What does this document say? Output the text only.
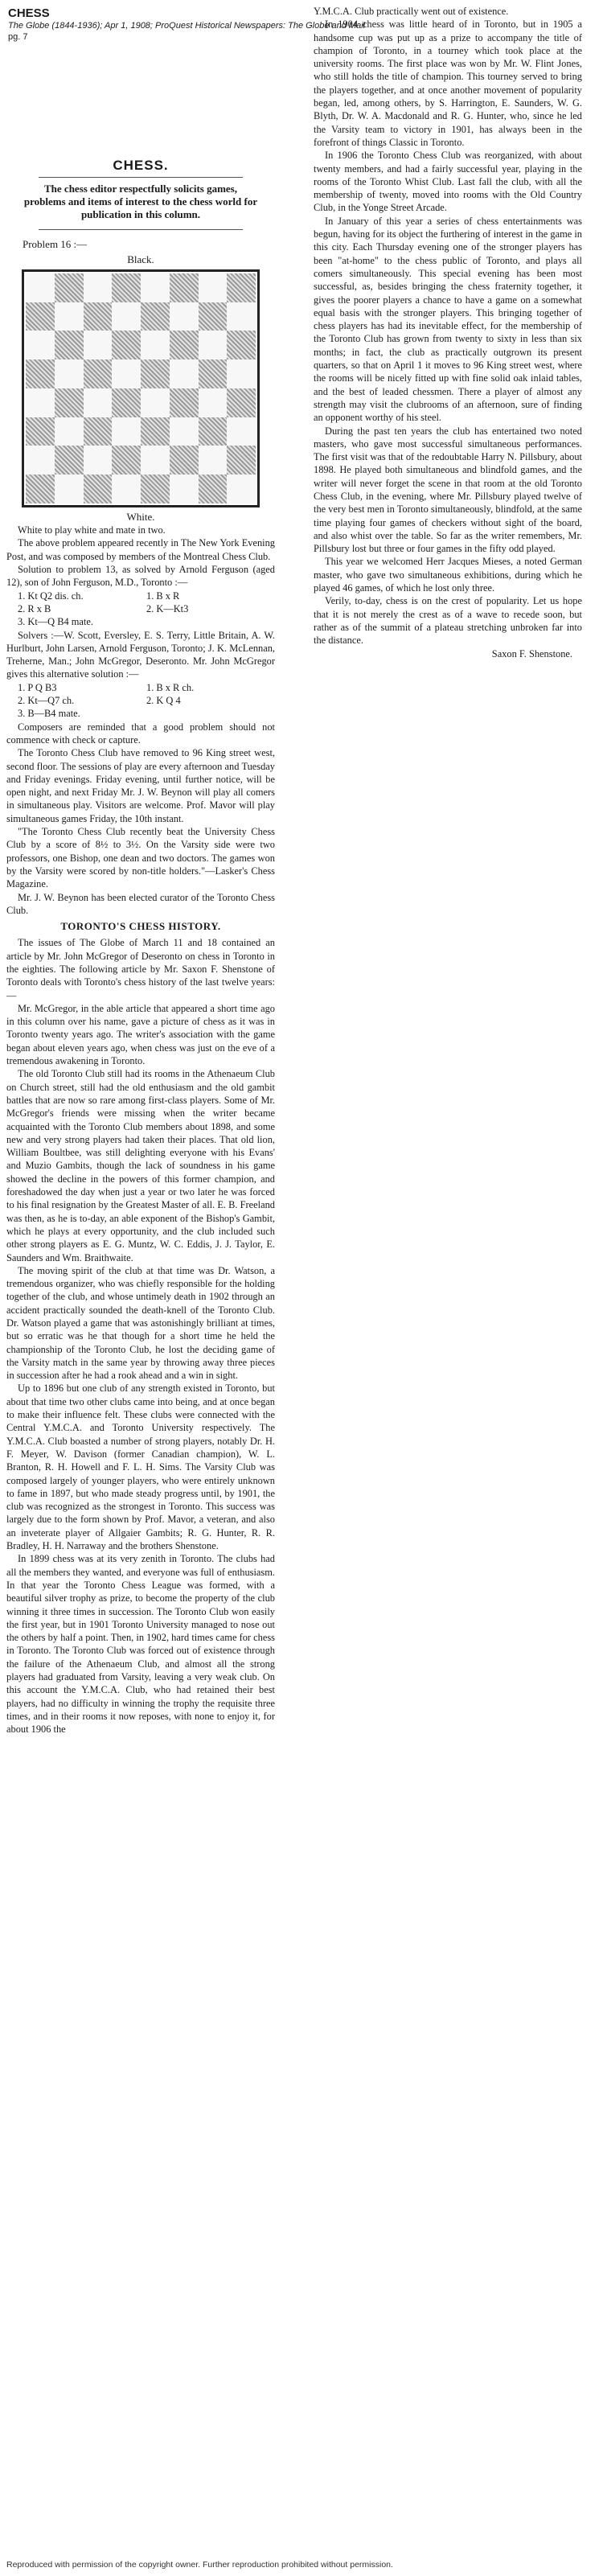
CHESS
The Globe (1844-1936); Apr 1, 1908; ProQuest Historical Newspapers: The Globe and Mail
pg. 7
CHESS.
The chess editor respectfully solicits games, problems and items of interest to the chess world for publication in this column.
Problem 16 :—
Black.
White.

White to play white and mate in two.

The above problem appeared recently in The New York Evening Post, and was composed by members of the Montreal Chess Club.

Solution to problem 13, as solved by Arnold Ferguson (aged 12), son of John Ferguson, M.D., Toronto :—

1. Kt Q2 dis. ch.	1. B x R
2. R x B	2. K—Kt3
3. Kt—Q B4 mate.

Solvers :—W. Scott, Eversley, E. S. Terry, Little Britain, A. W. Hurlburt, John Larsen, Arnold Ferguson, Toronto; J. K. McLennan, Treherne, Man.; John McGregor, Deseronto. Mr. John McGregor gives this alternative solution :—

1. P Q B3	1. B x R ch.
2. Kt—Q7 ch.	2. K Q 4
3. B—B4 mate.

Composers are reminded that a good problem should not commence with check or capture.

The Toronto Chess Club have removed to 96 King street west, second floor. The sessions of play are every afternoon and Tuesday and Friday evenings. Friday evening, until further notice, will be open night, and next Friday Mr. J. W. Beynon will play all comers in simultaneous play. Visitors are welcome. Prof. Mavor will play simultaneous games Friday, the 10th instant.

"The Toronto Chess Club recently beat the University Chess Club by a score of 8½ to 3½. On the Varsity side were two professors, one Bishop, one dean and two doctors. The games won by the Varsity were scored by non-title holders."—Lasker's Chess Magazine.

Mr. J. W. Beynon has been elected curator of the Toronto Chess Club.

TORONTO'S CHESS HISTORY.

The issues of The Globe of March 11 and 18 contained an article by Mr. John McGregor of Deseronto on chess in Toronto in the eighties. The following article by Mr. Saxon F. Shenstone of Toronto deals with Toronto's chess history of the last twelve years:—

Mr. McGregor, in the able article that appeared a short time ago in this column over his name, gave a picture of chess as it was in Toronto twenty years ago. The writer's association with the game began about eleven years ago, when chess was just on the eve of a tremendous awakening in Toronto.

The old Toronto Club still had its rooms in the Athenaeum Club on Church street, still had the old enthusiasm and the old gambit battles that are now so rare among first-class players. Some of Mr. McGregor's friends were missing when the writer became acquainted with the Toronto Club members about 1898, and some new and very strong players had taken their places. That old lion, William Boultbee, was still delighting everyone with his Evans' and Muzio Gambits, though the lack of soundness in his game showed the decline in the powers of this former champion, and foreshadowed the day when just a year or two later he was forced to his final resignation by the Greatest Master of all. E. B. Freeland was then, as he is to-day, an able exponent of the Bishop's Gambit, which he plays at every opportunity, and the club included such other strong players as E. G. Muntz, W. C. Eddis, J. J. Taylor, E. Saunders and Wm. Braithwaite.

The moving spirit of the club at that time was Dr. Watson, a tremendous organizer, who was chiefly responsible for the holding together of the club, and whose untimely death in 1902 through an accident practically sounded the death-knell of the Toronto Club. Dr. Watson played a game that was astonishingly brilliant at times, but so erratic was he that though for a short time he held the championship of the Toronto Club, he lost the deciding game of the Varsity match in the same year by throwing away three pieces in succession after he had a rook ahead and a win in sight.

Up to 1896 but one club of any strength existed in Toronto, but about that time two other clubs came into being, and at once began to make their influence felt. These clubs were connected with the Central Y.M.C.A. and Toronto University respectively. The Y.M.C.A. Club boasted a number of strong players, notably Dr. H. F. Meyer, W. Davison (former Canadian champion), W. L. Branton, R. H. Howell and F. L. H. Sims. The Varsity Club was composed largely of younger players, who were entirely unknown to fame in 1897, but who made steady progress until, by 1901, the club was recognized as the strongest in Toronto. This success was largely due to the form shown by Prof. Mavor, a veteran, and also an inveterate player of Allgaier Gambits; R. G. Hunter, R. R. Bradley, H. H. Narraway and the brothers Shenstone.

In 1899 chess was at its very zenith in Toronto. The clubs had all the members they wanted, and everyone was full of enthusiasm. In that year the Toronto Chess League was formed, with a beautiful silver trophy as prize, to become the property of the club winning it three times in succession. The Toronto Club won easily the first year, but in 1901 Toronto University managed to nose out the others by half a point. Then, in 1902, hard times came for chess in Toronto. The Toronto Club was forced out of existence through the failure of the Athenaeum Club, and almost all the strong players had graduated from Varsity, leaving a very weak club. On this account the Y.M.C.A. Club, who had retained their best players, had no difficulty in winning the trophy the requisite three times, and in their rooms it now reposes, with none to enjoy it, for about 1906 the

Y.M.C.A. Club practically went out of existence.

In 1904 chess was little heard of in Toronto, but in 1905 a handsome cup was put up as a prize to accompany the title of champion of Toronto, in a tourney which took place at the university rooms. The first place was won by Mr. W. Flint Jones, who still holds the title of champion. This tourney served to bring the players together, and at once another movement of popularity began, led, among others, by S. Harrington, E. Saunders, W. G. Blyth, Dr. W. A. Macdonald and R. G. Hunter, who, since he led the Varsity team to victory in 1901, has always been in the forefront of things Classic in Toronto.

In 1906 the Toronto Chess Club was reorganized, with about twenty members, and had a fairly successful year, playing in the rooms of the Toronto Whist Club. Last fall the club, with all the membership of twenty, moved into rooms with the Old Country Club, in the Yonge Street Arcade.

In January of this year a series of chess entertainments was begun, having for its object the furthering of interest in the game in this city. Each Thursday evening one of the stronger players has been "at-home" to the chess public of Toronto, and plays all comers simultaneously. This special evening has been most successful, as, besides bringing the chess fraternity together, it gives the poorer players a chance to have a game on a somewhat equal basis with the stronger players. This bringing together of chess players has had its inevitable effect, for the membership of the Toronto Club has grown from twenty to sixty in less than six months; in fact, the club as practically outgrown its present quarters, so that on April 1 it moves to 96 King street west, where the rooms will be nicely fitted up with fine solid oak inlaid tables, and the best of leaded chessmen. There a player of almost any strength may visit the clubrooms of an afternoon, sure of finding an opponent worthy of his steel.

During the past ten years the club has entertained two noted masters, who gave most successful simultaneous performances. The first visit was that of the redoubtable Harry N. Pillsbury, about 1898. He played both simultaneous and blindfold games, and the writer will never forget the scene in that room at the old Toronto Chess Club, in the evening, where Mr. Pillsbury played twelve of the very best men in Toronto simultaneously, blindfold, at the same time playing four games of checkers without sight of the board, and also whist over the table. So far as the writer remembers, Mr. Pillsbury lost but three or four games in the fifty odd played.

This year we welcomed Herr Jacques Mieses, a noted German master, who gave two simultaneous exhibitions, during which he played 46 games, of which he lost only three.

Verily, to-day, chess is on the crest of popularity. Let us hope that it is not merely the crest as of a wave to recede soon, but rather as of the summit of a plateau stretching unbroken far into the distance.

Saxon F. Shenstone.
Reproduced with permission of the copyright owner. Further reproduction prohibited without permission.
